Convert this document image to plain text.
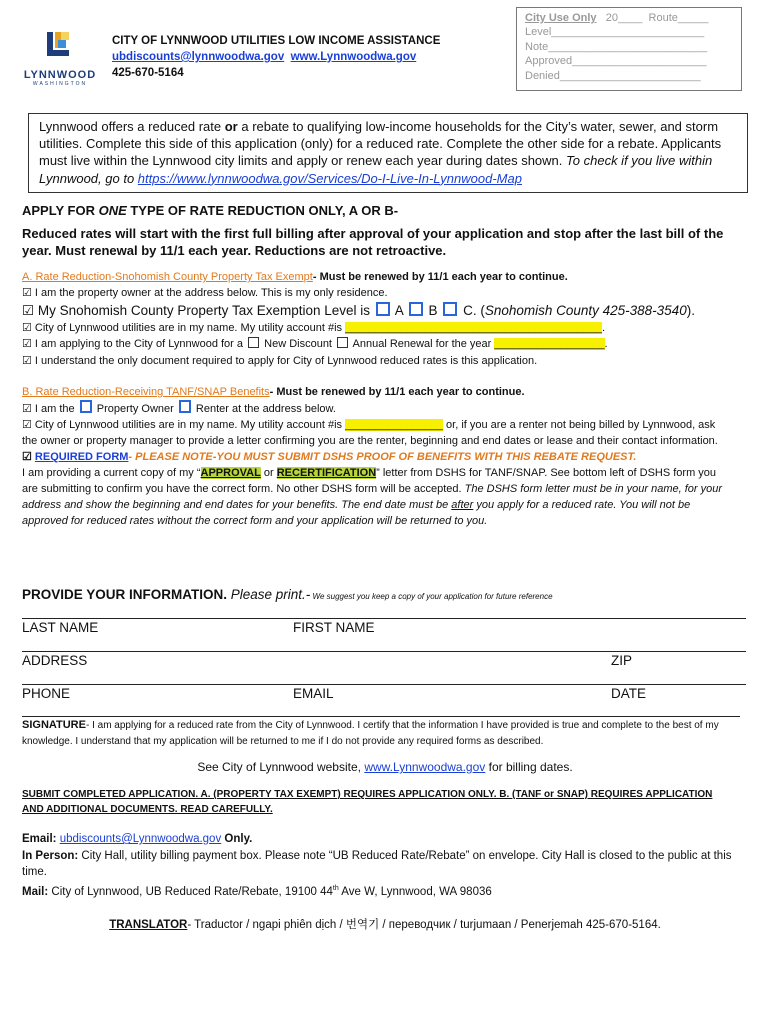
LYNNWOOD
WASHINGTON
CITY OF LYNNWOOD UTILITIES LOW INCOME ASSISTANCE
ubdiscounts@lynnwoodwa.gov www.Lynnwoodwa.gov
425-670-5164
City Use Only 20____ Route_____
Level_________________________
Note__________________________
Approved______________________
Denied_______________________
Lynnwood offers a reduced rate or a rebate to qualifying low-income households for the City’s water, sewer, and storm utilities. Complete this side of this application (only) for a reduced rate. Complete the other side for a rebate. Applicants must live within the Lynnwood city limits and apply or renew each year during dates shown. To check if you live within Lynnwood, go to https://www.lynnwoodwa.gov/Services/Do-I-Live-In-Lynnwood-Map
APPLY FOR ONE TYPE OF RATE REDUCTION ONLY, A OR B-
Reduced rates will start with the first full billing after approval of your application and stop after the last bill of the year. Must renewal by 11/1 each year. Reductions are not retroactive.
A. Rate Reduction-Snohomish County Property Tax Exempt- Must be renewed by 11/1 each year to continue.
☑ I am the property owner at the address below. This is my only residence.
☑ My Snohomish County Property Tax Exemption Level is  A  B  C. (Snohomish County 425-388-3540).
☑ City of Lynnwood utilities are in my name. My utility account #is __________________________________________.
☑ I am applying to the City of Lynnwood for a  New Discount  Annual Renewal for the year __________________.
☑ I understand the only document required to apply for City of Lynnwood reduced rates is this application.
B. Rate Reduction-Receiving TANF/SNAP Benefits- Must be renewed by 11/1 each year to continue.
☑ I am the  Property Owner  Renter at the address below.
☑ City of Lynnwood utilities are in my name. My utility account #is ________________ or, if you are a renter not being billed by Lynnwood, ask the owner or property manager to provide a letter confirming you are the renter, beginning and end dates or lease and their contact information.
☑ REQUIRED FORM- PLEASE NOTE-YOU MUST SUBMIT DSHS PROOF OF BENEFITS WITH THIS REBATE REQUEST.
I am providing a current copy of my “APPROVAL or RECERTIFICATION” letter from DSHS for TANF/SNAP. See bottom left of DSHS form you are submitting to confirm you have the correct form. No other DSHS form will be accepted. The DSHS form letter must be in your name, for your address and show the beginning and end dates for your benefits. The end date must be after you apply for a reduced rate. You will not be approved for reduced rates without the correct form and your application will be returned to you.
PROVIDE YOUR INFORMATION. Please print.- We suggest you keep a copy of your application for future reference
LAST NAME	FIRST NAME
ADDRESS	ZIP
PHONE	EMAIL	DATE
SIGNATURE- I am applying for a reduced rate from the City of Lynnwood. I certify that the information I have provided is true and complete to the best of my knowledge. I understand that my application will be returned to me if I do not provide any required forms as described.
See City of Lynnwood website, www.Lynnwoodwa.gov for billing dates.
SUBMIT COMPLETED APPLICATION. A. (PROPERTY TAX EXEMPT) REQUIRES APPLICATION ONLY. B. (TANF or SNAP) REQUIRES APPLICATION AND ADDITIONAL DOCUMENTS. READ CAREFULLY.
Email: ubdiscounts@Lynnwoodwa.gov Only.
In Person: City Hall, utility billing payment box. Please note “UB Reduced Rate/Rebate” on envelope. City Hall is closed to the public at this time.
Mail: City of Lynnwood, UB Reduced Rate/Rebate, 19100 44th Ave W, Lynnwood, WA 98036
TRANSLATOR- Traductor / ngapi phiên dịch / 번역기 / переводчик / turjumaan / Penerjemah 425-670-5164.
